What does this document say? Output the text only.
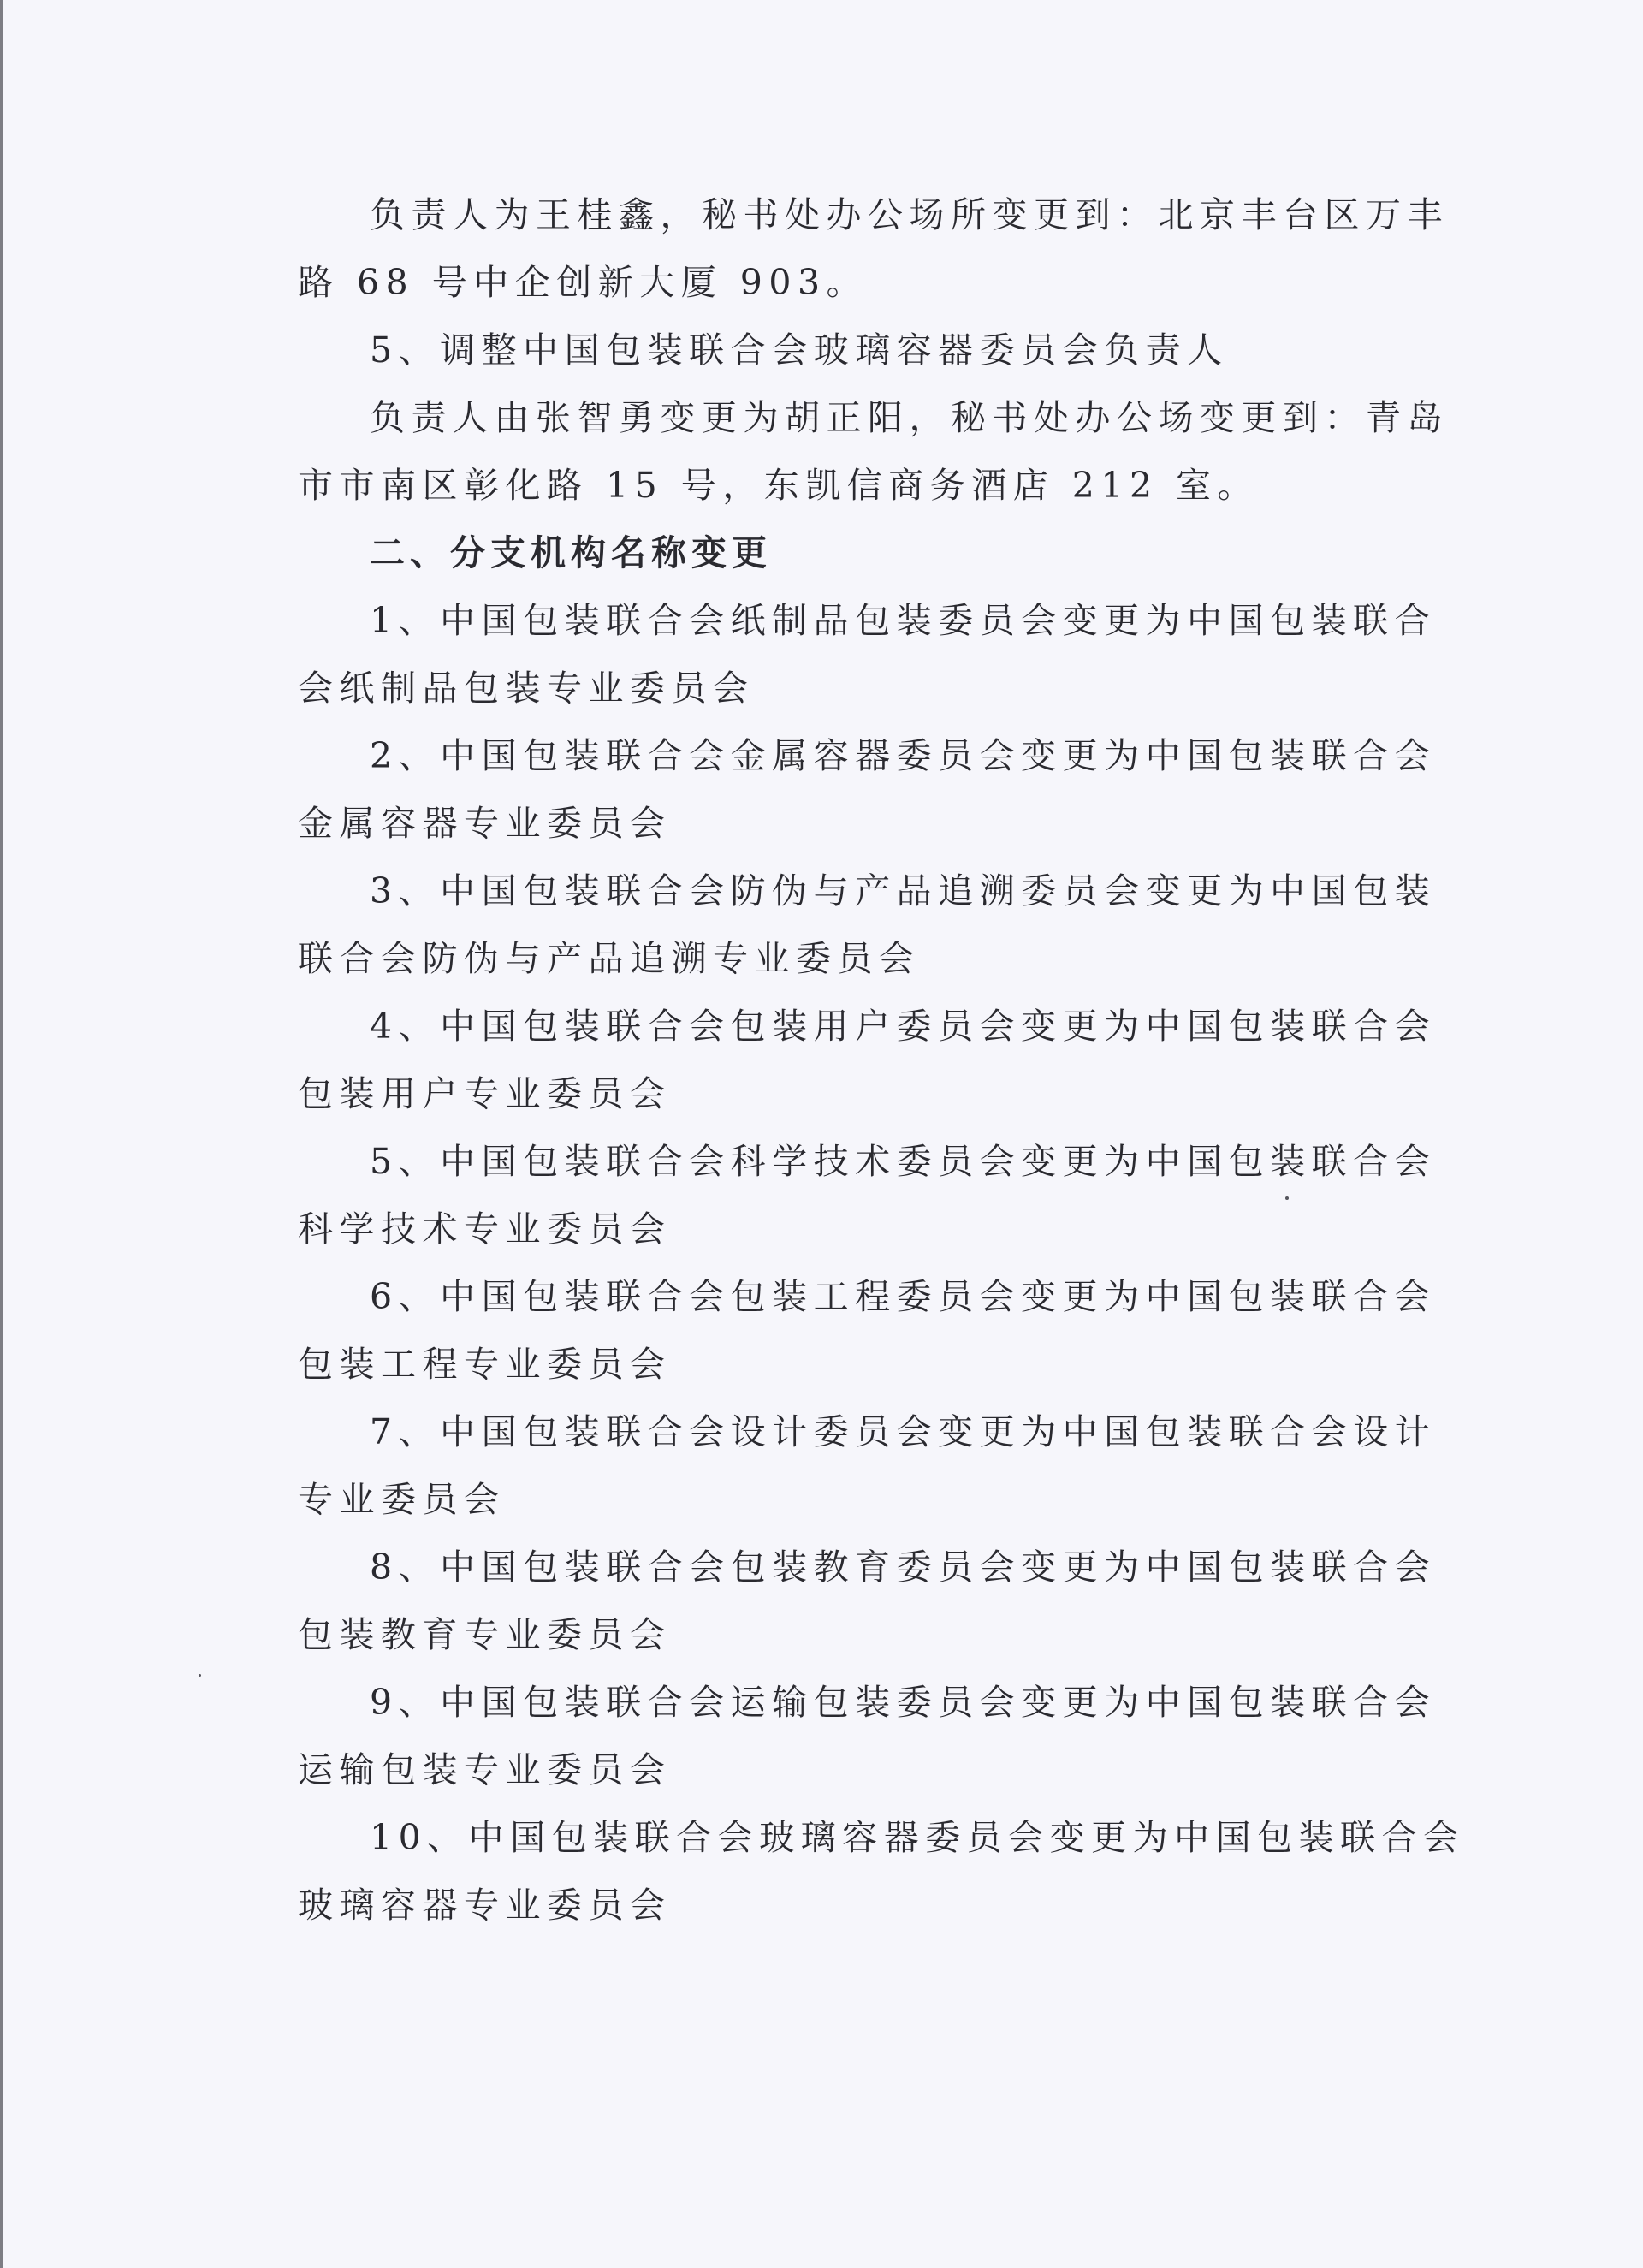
负责人为王桂鑫，秘书处办公场所变更到：北京丰台区万丰

路 68 号中企创新大厦 903。

5、调整中国包装联合会玻璃容器委员会负责人

负责人由张智勇变更为胡正阳，秘书处办公场变更到：青岛

市市南区彰化路 15 号，东凯信商务酒店 212 室。

二、分支机构名称变更

1、中国包装联合会纸制品包装委员会变更为中国包装联合

会纸制品包装专业委员会

2、中国包装联合会金属容器委员会变更为中国包装联合会

金属容器专业委员会

3、中国包装联合会防伪与产品追溯委员会变更为中国包装

联合会防伪与产品追溯专业委员会

4、中国包装联合会包装用户委员会变更为中国包装联合会

包装用户专业委员会

5、中国包装联合会科学技术委员会变更为中国包装联合会

科学技术专业委员会

6、中国包装联合会包装工程委员会变更为中国包装联合会

包装工程专业委员会

7、中国包装联合会设计委员会变更为中国包装联合会设计

专业委员会

8、中国包装联合会包装教育委员会变更为中国包装联合会

包装教育专业委员会

9、中国包装联合会运输包装委员会变更为中国包装联合会

运输包装专业委员会

10、中国包装联合会玻璃容器委员会变更为中国包装联合会

玻璃容器专业委员会
